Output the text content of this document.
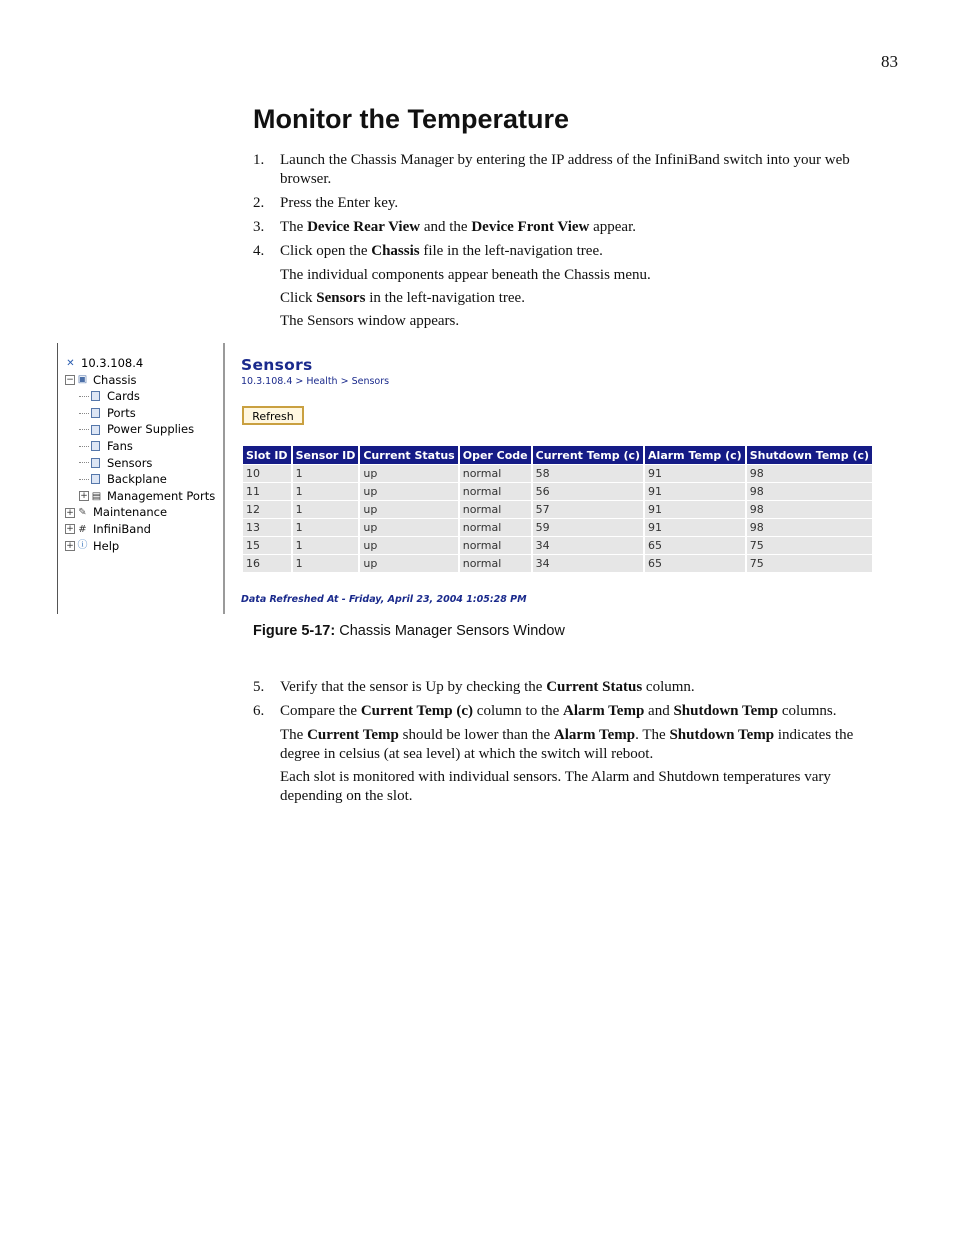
83
Monitor the Temperature
1.	Launch the Chassis Manager by entering the IP address of the InfiniBand switch into your web browser.
2.	Press the Enter key.
3.	The Device Rear View and the Device Front View appear.
4.	Click open the Chassis file in the left-navigation tree.
The individual components appear beneath the Chassis menu.
Click Sensors in the left-navigation tree.
The Sensors window appears.
✕ 10.3.108.4
− ▣ Chassis
Cards
Ports
Power Supplies
Fans
Sensors
Backplane
+ ▤ Management Ports
+ ✎ Maintenance
+ # InfiniBand
+ ⓘ Help
Sensors
10.3.108.4 > Health > Sensors
Refresh
Slot ID	Sensor ID	Current Status	Oper Code	Current Temp (c)	Alarm Temp (c)	Shutdown Temp (c)
10	1	up	normal	58	91	98
11	1	up	normal	56	91	98
12	1	up	normal	57	91	98
13	1	up	normal	59	91	98
15	1	up	normal	34	65	75
16	1	up	normal	34	65	75
Data Refreshed At - Friday, April 23, 2004 1:05:28 PM
Figure 5-17: Chassis Manager Sensors Window
5.	Verify that the sensor is Up by checking the Current Status column.
6.	Compare the Current Temp (c) column to the Alarm Temp and Shutdown Temp columns.
The Current Temp should be lower than the Alarm Temp. The Shutdown Temp indicates the degree in celsius (at sea level) at which the switch will reboot.
Each slot is monitored with individual sensors. The Alarm and Shutdown temperatures vary depending on the slot.
